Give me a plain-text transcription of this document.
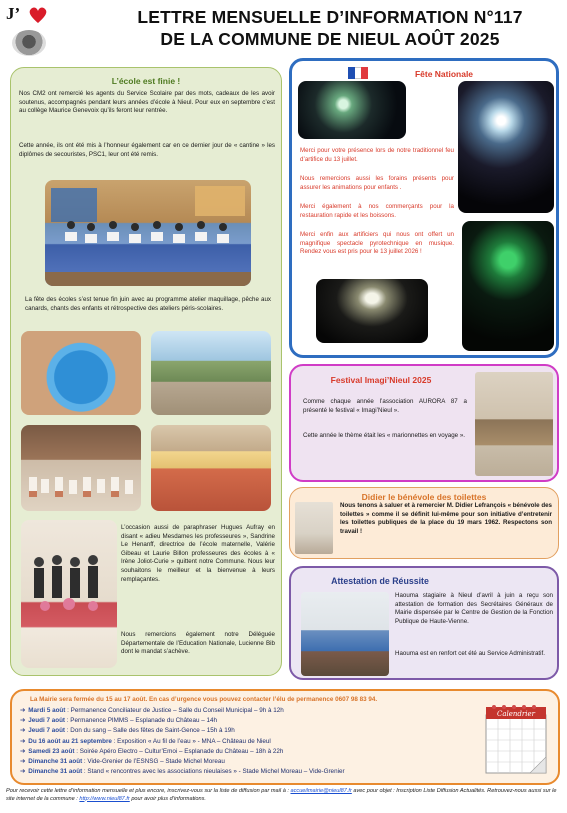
J’	LETTRE MENSUELLE D’INFORMATION N°117
DE LA COMMUNE DE NIEUL AOÛT 2025
L’école est finie !

Nos CM2 ont remercié les agents du Service Scolaire par des mots, cadeaux de les avoir soutenus, accompagnés pendant leurs années d’école à Nieul. Pour eux en septembre c’est au collège Maurice Genevoix qu’ils feront leur rentrée.

Cette année, ils ont été mis à l’honneur également car en ce dernier jour de « cantine » les diplômes de secouristes, PSC1, leur ont été remis.

La fête des écoles s’est tenue fin juin avec au programme atelier maquillage, pêche aux canards, chants des enfants et rétrospective des ateliers péris-scolaires.

L’occasion aussi de paraphraser Hugues Aufray en disant « adieu Mesdames les professeures », Sandrine Le Henanff, directrice de l’école maternelle, Valérie Gibeau et Laurie Billon professeures des écoles à « Irène Joliot-Curie » quittent notre Commune. Nous leur souhaitons le meilleur et la bienvenue à leurs remplaçantes.

Nous remercions également notre Déléguée Départementale de l’Education Nationale, Lucienne Bib dont le mandat s’achève.

Fête Nationale

Merci pour votre présence lors de notre traditionnel feu d’artifice du 13 juillet.

Nous remercions aussi les forains présents pour assurer les animations pour enfants .

Merci également à nos commerçants pour la restauration rapide et les boissons.

Merci enfin aux artificiers qui nous ont offert un magnifique spectacle pyrotechnique en musique. Rendez vous est pris pour le 13 juillet 2026 !

Festival Imagi’Nieul 2025

Comme chaque année l’association AURORA 87 a présenté le festival « Imagi’Nieul ».

Cette année le thème était les « marionnettes en voyage ».

Didier le bénévole des toilettes

Nous tenons à saluer et à remercier M. Didier Lefrançois « bénévole des toilettes » comme il se définit lui-même pour son initiative d’entretenir les toilettes publiques de la place du 19 mars 1962. Respectons son travail !

Attestation de Réussite

Haouma stagiaire à Nieul d’avril à juin a reçu son attestation de formation des Secrétaires Généraux de Mairie dispensée par le Centre de Gestion de la Fonction Publique de Haute-Vienne.

Haouma est en renfort cet été au Service Administratif.

La Mairie sera fermée du 15 au 17 août. En cas d’urgence vous pouvez contacter l’élu de permanence 0607 98 83 94.
➔ Mardi 5 août : Permanence Conciliateur de Justice – Salle du Conseil Municipal – 9h à 12h
➔ Jeudi 7 août : Permanence PIMMS – Esplanade du Château – 14h
➔ Jeudi 7 août : Don du sang – Salle des fêtes de Saint-Gence – 15h à 19h
➔ Du 16 août au 21 septembre : Exposition « Au fil de l’eau » - MNA – Château de Nieul
➔ Samedi 23 août : Soirée Apéro Electro – Cultur’Emoi – Esplanade du Château – 18h à 22h
➔ Dimanche 31 août : Vide-Grenier de l’ESNSG – Stade Michel Moreau
➔ Dimanche 31 août : Stand « rencontres avec les associations nieulaises » - Stade Michel Moreau – Vide-Grenier
Calendrier
Pour recevoir cette lettre d’information mensuelle et plus encore, inscrivez-vous sur la liste de diffusion par mail à : accueilmairie@nieul87.fr avec pour objet : Inscription Liste Diffusion Actualités. Retrouvez-nous aussi sur le site internet de la commune : http://www.nieul87.fr pour avoir plus d’informations.
